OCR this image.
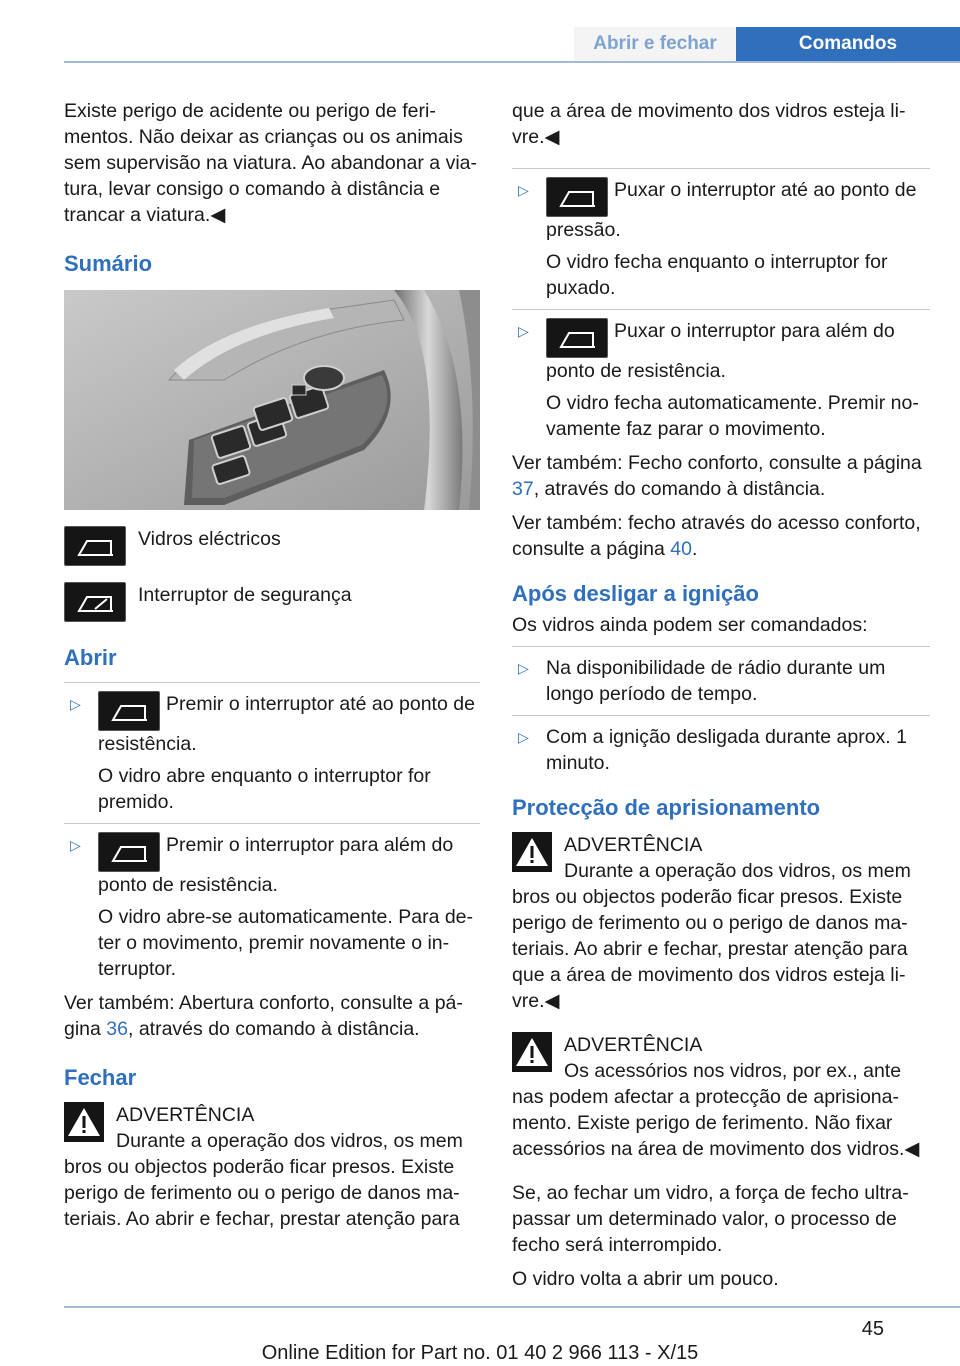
Abrir e fechar	Comandos

Existe perigo de acidente ou perigo de ferimentos. Não deixar as crianças ou os animais sem supervisão na viatura. Ao abandonar a viatura, levar consigo o comando à distância e trancar a viatura.◀

Sumário
Vidros eléctricos
Interruptor de segurança
Abrir
▷ Premir o interruptor até ao ponto de resistência.
O vidro abre enquanto o interruptor for premido.
▷ Premir o interruptor para além do ponto de resistência.
O vidro abre-se automaticamente. Para deter o movimento, premir novamente o interruptor.

Ver também: Abertura conforto, consulte a página 36, através do comando à distância.

Fechar
ADVERTÊNCIA
Durante a operação dos vidros, os mem
bros ou objectos poderão ficar presos. Existe perigo de ferimento ou o perigo de danos materiais. Ao abrir e fechar, prestar atenção para

que a área de movimento dos vidros esteja livre.◀

▷ Puxar o interruptor até ao ponto de pressão.
O vidro fecha enquanto o interruptor for puxado.
▷ Puxar o interruptor para além do ponto de resistência.
O vidro fecha automaticamente. Premir novamente faz parar o movimento.

Ver também: Fecho conforto, consulte a página 37, através do comando à distância.

Ver também: fecho através do acesso conforto, consulte a página 40.

Após desligar a ignição

Os vidros ainda podem ser comandados:

▷ Na disponibilidade de rádio durante um longo período de tempo.
▷ Com a ignição desligada durante aprox. 1 minuto.
Protecção de aprisionamento
ADVERTÊNCIA
Durante a operação dos vidros, os mem
bros ou objectos poderão ficar presos. Existe perigo de ferimento ou o perigo de danos materiais. Ao abrir e fechar, prestar atenção para que a área de movimento dos vidros esteja livre.◀
ADVERTÊNCIA
Os acessórios nos vidros, por ex., ante
nas podem afectar a protecção de aprisionamento. Existe perigo de ferimento. Não fixar acessórios na área de movimento dos vidros.◀

Se, ao fechar um vidro, a força de fecho ultrapassar um determinado valor, o processo de fecho será interrompido.

O vidro volta a abrir um pouco.

45
Online Edition for Part no. 01 40 2 966 113 - X/15
